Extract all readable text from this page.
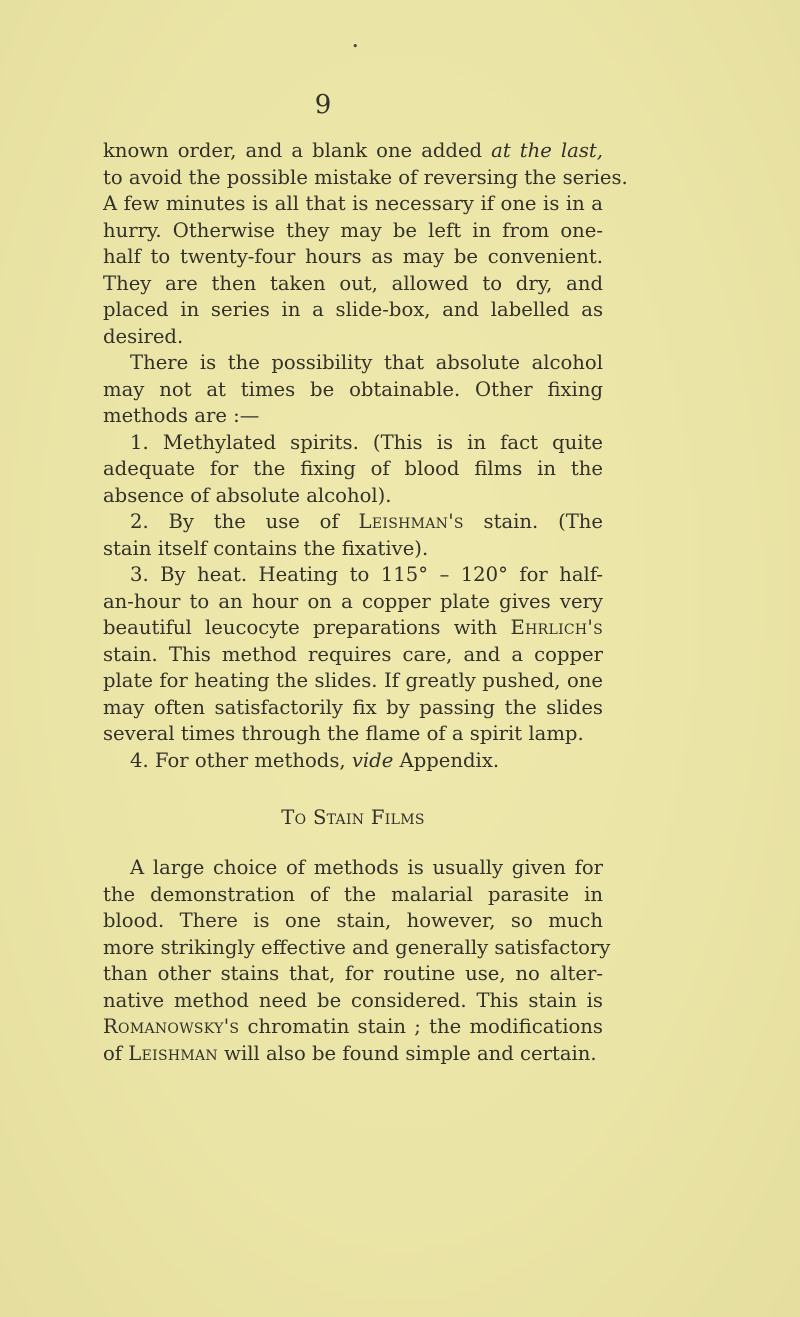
•
9
known order, and a blank one added at the last,
to avoid the possible mistake of reversing the series.
A few minutes is all that is necessary if one is in a
hurry. Otherwise they may be left in from one-
half to twenty-four hours as may be convenient.
They are then taken out, allowed to dry, and
placed in series in a slide-box, and labelled as
desired.
There is the possibility that absolute alcohol
may not at times be obtainable. Other fixing
methods are :—
1. Methylated spirits. (This is in fact quite
adequate for the fixing of blood films in the
absence of absolute alcohol).
2. By the use of Leishman's stain. (The
stain itself contains the fixative).
3. By heat. Heating to 115° – 120° for half-
an-hour to an hour on a copper plate gives very
beautiful leucocyte preparations with Ehrlich's
stain. This method requires care, and a copper
plate for heating the slides. If greatly pushed, one
may often satisfactorily fix by passing the slides
several times through the flame of a spirit lamp.
4. For other methods, vide Appendix.
To Stain Films
A large choice of methods is usually given for
the demonstration of the malarial parasite in
blood. There is one stain, however, so much
more strikingly effective and generally satisfactory
than other stains that, for routine use, no alter-
native method need be considered. This stain is
Romanowsky's chromatin stain ; the modifications
of Leishman will also be found simple and certain.
